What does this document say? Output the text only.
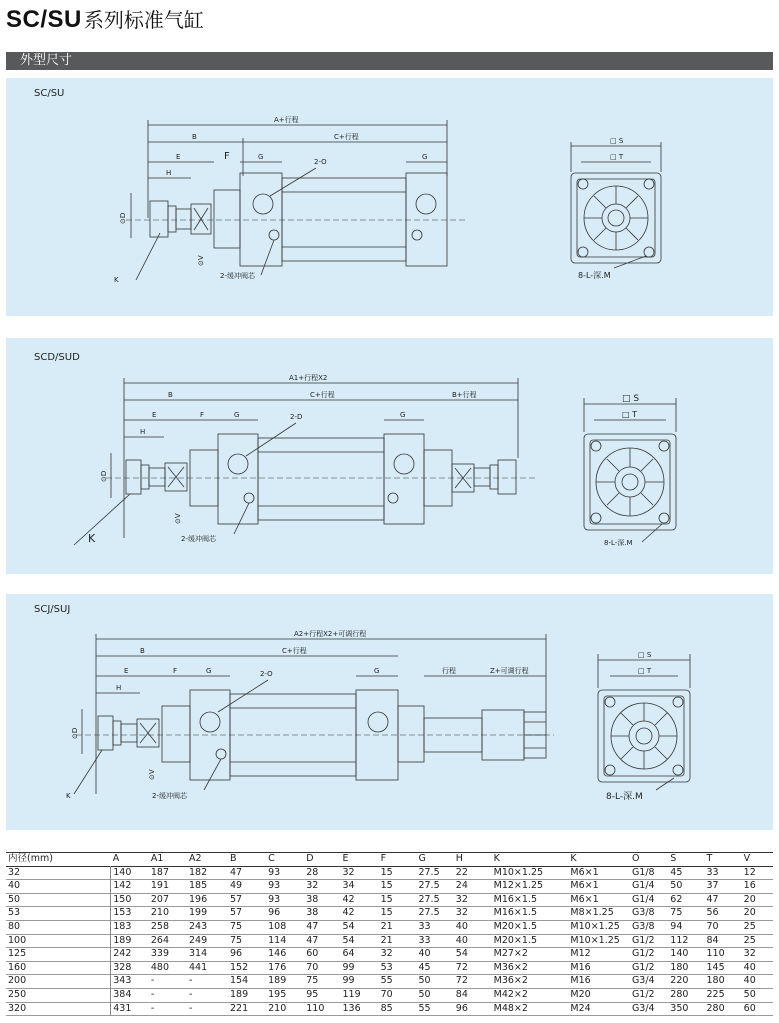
SC/SU 系列标准气缸
外型尺寸
SC/SU
A+行程
B	C+行程
E	F	G	G
H
2-O
⊙D
⊙V
K	2-缓冲阀芯
□ S
□ T
8-L-深.M
SCD/SUD
A1+行程X2
B	C+行程	B+行程
E	F	G	G
H
2-D
⊙D
⊙V
K	2-缓冲阀芯
□ S
□ T
8-L-深.M
SCJ/SUJ
A2+行程X2+可调行程
B	C+行程
E	F	G	G	行程	Z+可调行程
H
2-O
⊙D
⊙V
K	2-缓冲阀芯
□ S
□ T
8-L-深.M
内径(mm)	A	A1	A2	B	C	D	E	F	G	H	K	K	O	S	T	V
32	140	187	182	47	93	28	32	15	27.5	22	M10×1.25	M6×1	G1/8	45	33	12
40	142	191	185	49	93	32	34	15	27.5	24	M12×1.25	M6×1	G1/4	50	37	16
50	150	207	196	57	93	38	42	15	27.5	32	M16×1.5	M6×1	G1/4	62	47	20
53	153	210	199	57	96	38	42	15	27.5	32	M16×1.5	M8×1.25	G3/8	75	56	20
80	183	258	243	75	108	47	54	21	33	40	M20×1.5	M10×1.25	G3/8	94	70	25
100	189	264	249	75	114	47	54	21	33	40	M20×1.5	M10×1.25	G1/2	112	84	25
125	242	339	314	96	146	60	64	32	40	54	M27×2	M12	G1/2	140	110	32
160	328	480	441	152	176	70	99	53	45	72	M36×2	M16	G1/2	180	145	40
200	343	-	-	154	189	75	99	55	50	72	M36×2	M16	G3/4	220	180	40
250	384	-	-	189	195	95	119	70	50	84	M42×2	M20	G1/2	280	225	50
320	431	-	-	221	210	110	136	85	55	96	M48×2	M24	G3/4	350	280	60
